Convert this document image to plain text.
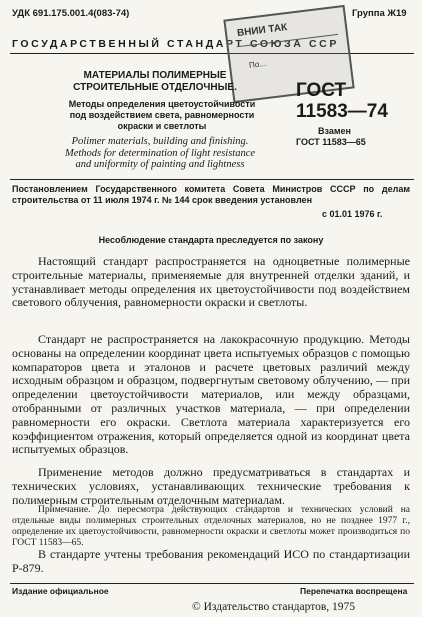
УДК 691.175.001.4(083-74)	Группа Ж19
ГОСУДАРСТВЕННЫЙ СТАНДАРТ СОЮЗА ССР
ВНИИ ТАК
По...
МАТЕРИАЛЫ ПОЛИМЕРНЫЕ
СТРОИТЕЛЬНЫЕ ОТДЕЛОЧНЫЕ.
Методы определения цветоустойчивости
под воздействием света, равномерности
окраски и светлоты
Polimer materials, building and finishing.
Methods for determination of light resistance
and uniformity of painting and lightness
ГОСТ
11583—74
Взамен
ГОСТ 11583—65
Постановлением Государственного комитета Совета Министров СССР по делам строительства от 11 июля 1974 г. № 144 срок введения установлен
с 01.01 1976 г.
Несоблюдение стандарта преследуется по закону
Настоящий стандарт распространяется на одноцветные полимерные строительные материалы, применяемые для внутренней отделки зданий, и устанавливает методы определения их цветоустойчивости под воздействием светового облучения, равномерности окраски и светлоты.
Стандарт не распространяется на лакокрасочную продукцию. Методы основаны на определении координат цвета испытуемых образцов с помощью компараторов цвета и эталонов и расчете цветовых различий между исходным образцом и образцом, подвергнутым световому облучению, — при определении цветоустойчивости материалов, или между образцами, отобранными от различных участков материала, — при определении равномерности его окраски. Светлота материала характеризуется его коэффициентом отражения, который определяется одной из координат цвета испытуемых образцов.
Применение методов должно предусматриваться в стандартах и технических условиях, устанавливающих технические требования к полимерным строительным отделочным материалам.
Примечание. До пересмотра действующих стандартов и технических условий на отдельные виды полимерных строительных отделочных материалов, но не позднее 1977 г., определение их цветоустойчивости, равномерности окраски и светлоты может производиться по ГОСТ 11583—65.
В стандарте учтены требования рекомендаций ИСО по стандартизации Р-879.
Издание официальное	Перепечатка воспрещена
© Издательство стандартов, 1975
